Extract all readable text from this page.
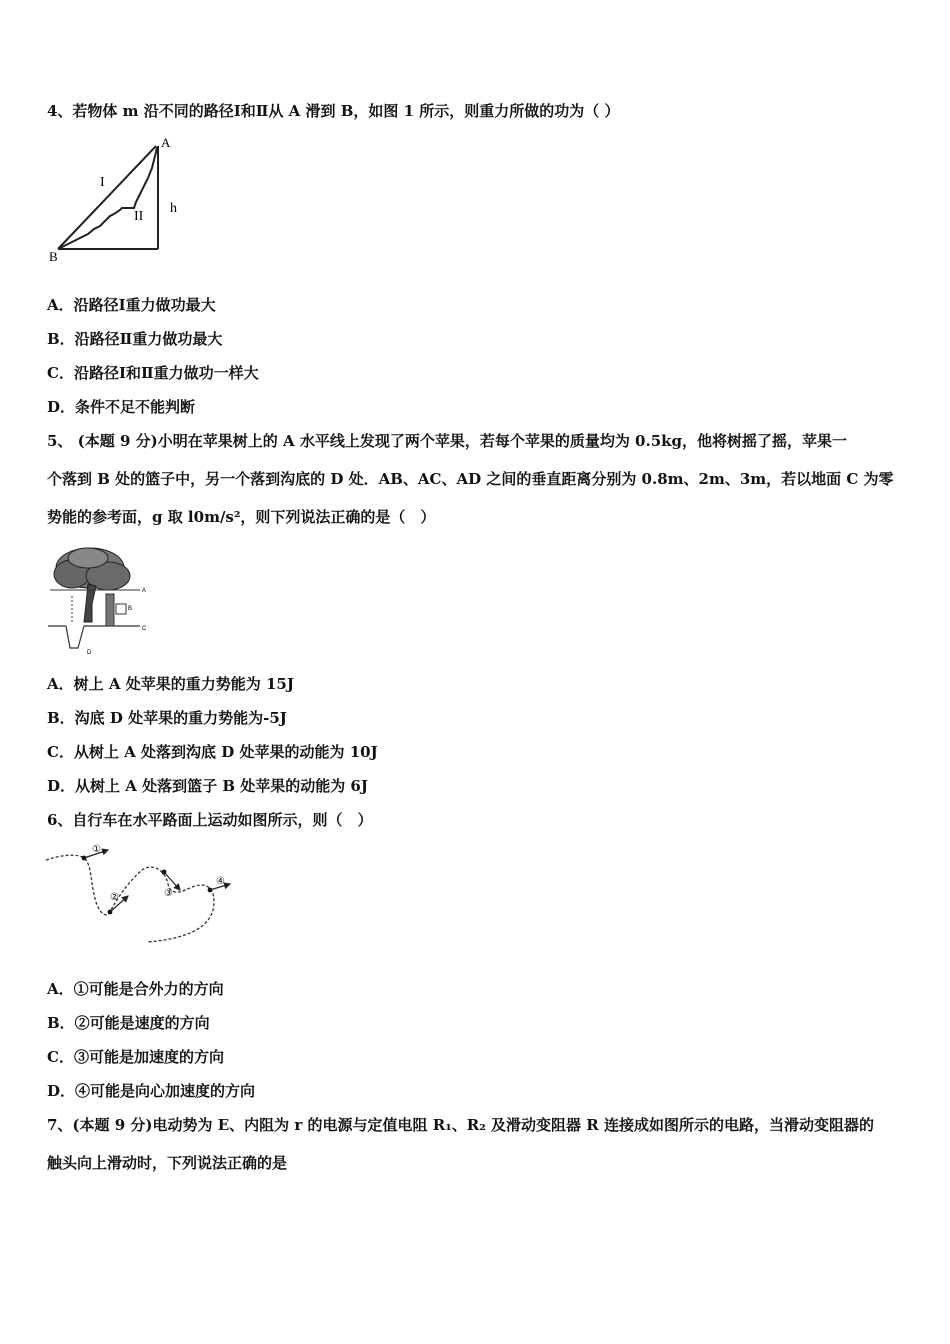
4、若物体 m 沿不同的路径Ⅰ和Ⅱ从 A 滑到 B，如图 1 所示，则重力所做的功为（ ）
A
B
h
I
II
A．沿路径Ⅰ重力做功最大
B．沿路径Ⅱ重力做功最大
C．沿路径Ⅰ和Ⅱ重力做功一样大
D．条件不足不能判断
5、 (本题 9 分)小明在苹果树上的 A 水平线上发现了两个苹果，若每个苹果的质量均为 0.5kg，他将树摇了摇，苹果一
个落到 B 处的篮子中，另一个落到沟底的 D 处．AB、AC、AD 之间的垂直距离分别为 0.8m、2m、3m，若以地面 C 为零
势能的参考面，g 取 l0m/s²，则下列说法正确的是（　）
A
B
C
D
A．树上 A 处苹果的重力势能为 15J
B．沟底 D 处苹果的重力势能为-5J
C．从树上 A 处落到沟底 D 处苹果的动能为 10J
D．从树上 A 处落到篮子 B 处苹果的动能为 6J
6、自行车在水平路面上运动如图所示，则（　）
①
②	③
④
A．①可能是合外力的方向
B．②可能是速度的方向
C．③可能是加速度的方向
D．④可能是向心加速度的方向
7、(本题 9 分)电动势为 E、内阻为 r 的电源与定值电阻 R₁、R₂ 及滑动变阻器 R 连接成如图所示的电路，当滑动变阻器的
触头向上滑动时，下列说法正确的是
